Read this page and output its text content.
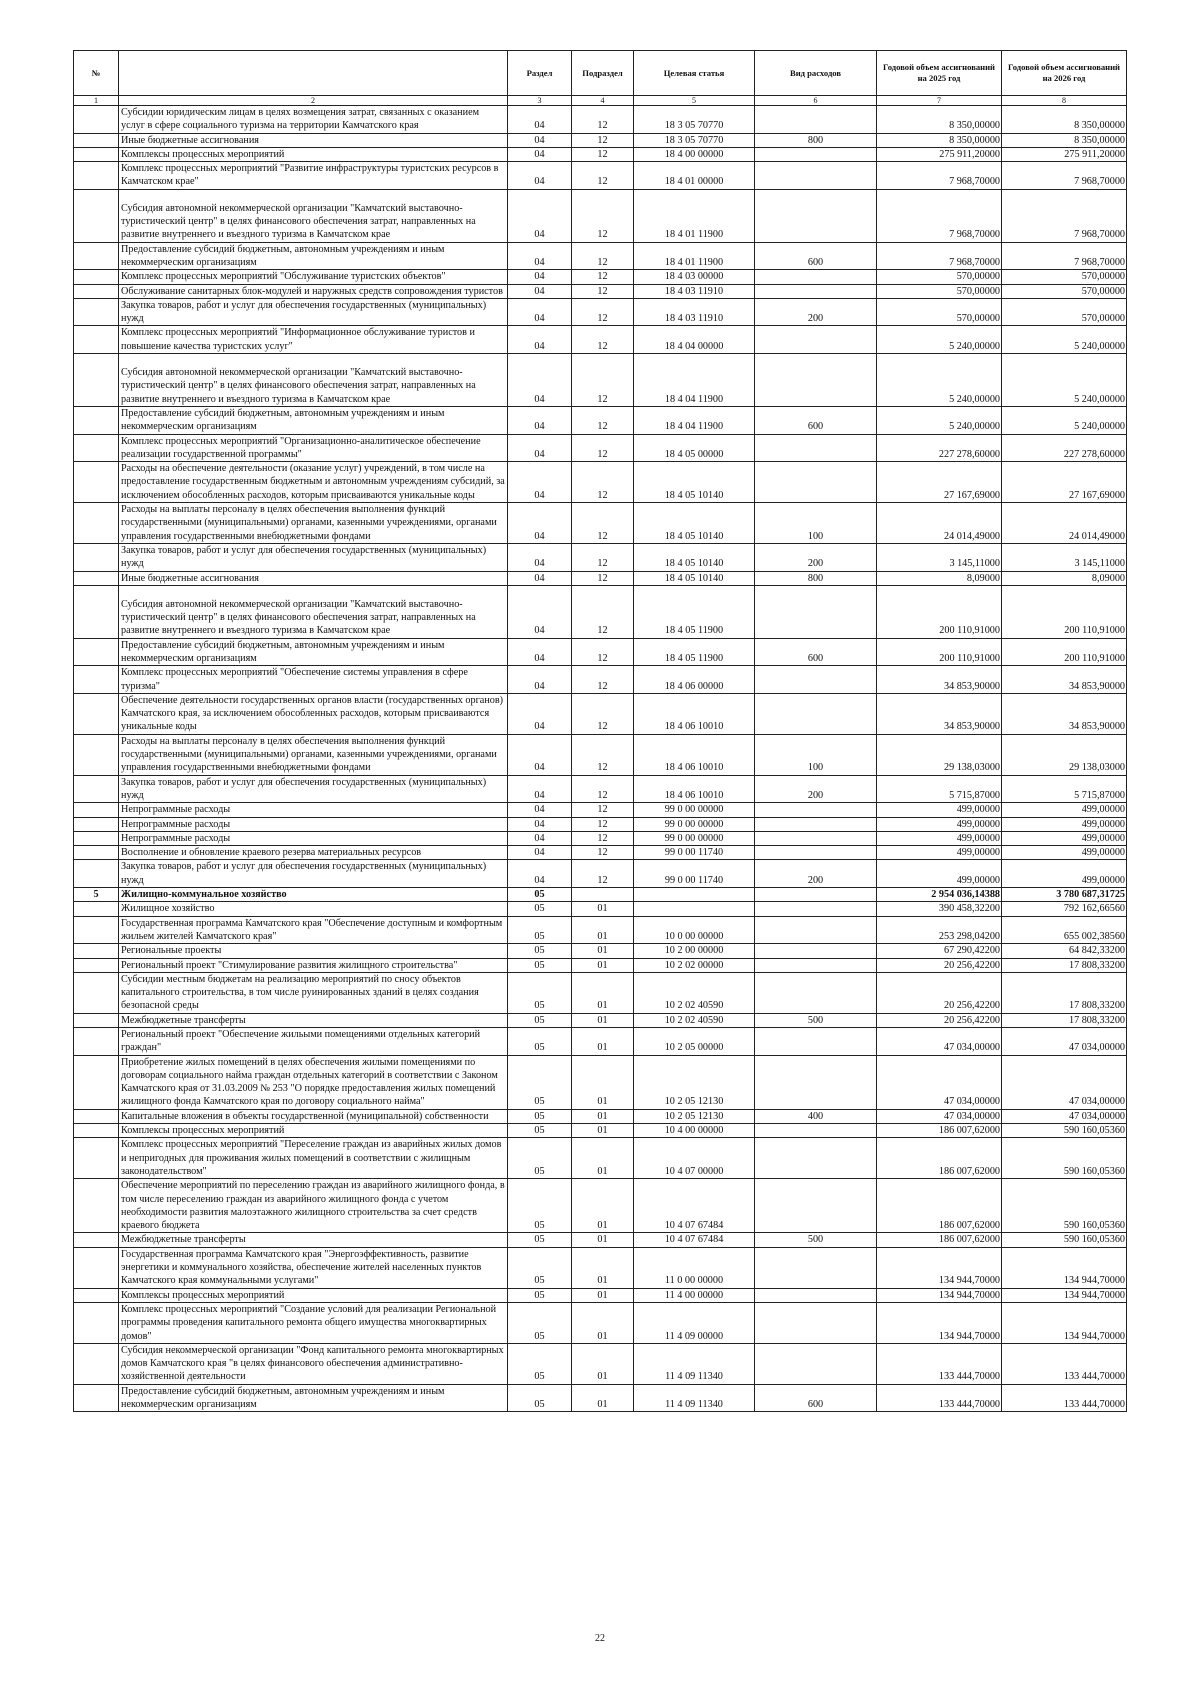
№		Раздел	Подраздел	Целевая статья	Вид расходов	Годовой объем ассигнований на 2025 год	Годовой объем ассигнований на 2026 год
1	2	3	4	5	6	7	8
	Субсидии юридическим лицам в целях возмещения затрат, связанных с оказанием услуг в сфере социального туризма на территории Камчатского края	04	12	18 3 05 70770		8 350,00000	8 350,00000
	Иные бюджетные ассигнования	04	12	18 3 05 70770	800	8 350,00000	8 350,00000
	Комплексы процессных мероприятий	04	12	18 4 00 00000		275 911,20000	275 911,20000
	Комплекс процессных мероприятий "Развитие инфраструктуры туристских ресурсов в Камчатском крае"	04	12	18 4 01 00000		7 968,70000	7 968,70000
	Субсидия автономной некоммерческой организации "Камчатский выставочно-туристический центр" в целях финансового обеспечения затрат, направленных на развитие внутреннего и въездного туризма в Камчатском крае	04	12	18 4 01 11900		7 968,70000	7 968,70000
	Предоставление субсидий бюджетным, автономным учреждениям и иным некоммерческим организациям	04	12	18 4 01 11900	600	7 968,70000	7 968,70000
	Комплекс процессных мероприятий "Обслуживание туристских объектов"	04	12	18 4 03 00000		570,00000	570,00000
	Обслуживание санитарных блок-модулей и наружных средств сопровождения туристов	04	12	18 4 03 11910		570,00000	570,00000
	Закупка товаров, работ и услуг для обеспечения государственных (муниципальных) нужд	04	12	18 4 03 11910	200	570,00000	570,00000
	Комплекс процессных мероприятий "Информационное обслуживание туристов и повышение качества туристских услуг"	04	12	18 4 04 00000		5 240,00000	5 240,00000
	Субсидия автономной некоммерческой организации "Камчатский выставочно-туристический центр" в целях финансового обеспечения затрат, направленных на развитие внутреннего и въездного туризма в Камчатском крае	04	12	18 4 04 11900		5 240,00000	5 240,00000
	Предоставление субсидий бюджетным, автономным учреждениям и иным некоммерческим организациям	04	12	18 4 04 11900	600	5 240,00000	5 240,00000
	Комплекс процессных мероприятий "Организационно-аналитическое обеспечение реализации государственной программы"	04	12	18 4 05 00000		227 278,60000	227 278,60000
	Расходы на обеспечение деятельности (оказание услуг) учреждений, в том числе на предоставление государственным бюджетным и автономным учреждениям субсидий, за исключением обособленных расходов, которым присваиваются уникальные коды	04	12	18 4 05 10140		27 167,69000	27 167,69000
	Расходы на выплаты персоналу в целях обеспечения выполнения функций государственными (муниципальными) органами, казенными учреждениями, органами управления государственными внебюджетными фондами	04	12	18 4 05 10140	100	24 014,49000	24 014,49000
	Закупка товаров, работ и услуг для обеспечения государственных (муниципальных) нужд	04	12	18 4 05 10140	200	3 145,11000	3 145,11000
	Иные бюджетные ассигнования	04	12	18 4 05 10140	800	8,09000	8,09000
	Субсидия автономной некоммерческой организации "Камчатский выставочно-туристический центр" в целях финансового обеспечения затрат, направленных на развитие внутреннего и въездного туризма в Камчатском крае	04	12	18 4 05 11900		200 110,91000	200 110,91000
	Предоставление субсидий бюджетным, автономным учреждениям и иным некоммерческим организациям	04	12	18 4 05 11900	600	200 110,91000	200 110,91000
	Комплекс процессных мероприятий "Обеспечение системы управления в сфере туризма"	04	12	18 4 06 00000		34 853,90000	34 853,90000
	Обеспечение деятельности государственных органов власти (государственных органов) Камчатского края, за исключением обособленных расходов, которым присваиваются уникальные коды	04	12	18 4 06 10010		34 853,90000	34 853,90000
	Расходы на выплаты персоналу в целях обеспечения выполнения функций государственными (муниципальными) органами, казенными учреждениями, органами управления государственными внебюджетными фондами	04	12	18 4 06 10010	100	29 138,03000	29 138,03000
	Закупка товаров, работ и услуг для обеспечения государственных (муниципальных) нужд	04	12	18 4 06 10010	200	5 715,87000	5 715,87000
	Непрограммные расходы	04	12	99 0 00 00000		499,00000	499,00000
	Непрограммные расходы	04	12	99 0 00 00000		499,00000	499,00000
	Непрограммные расходы	04	12	99 0 00 00000		499,00000	499,00000
	Восполнение и обновление краевого резерва материальных ресурсов	04	12	99 0 00 11740		499,00000	499,00000
	Закупка товаров, работ и услуг для обеспечения государственных (муниципальных) нужд	04	12	99 0 00 11740	200	499,00000	499,00000
5	Жилищно-коммунальное хозяйство	05				2 954 036,14388	3 780 687,31725
	Жилищное хозяйство	05	01			390 458,32200	792 162,66560
	Государственная программа Камчатского края "Обеспечение доступным и комфортным жильем жителей Камчатского края"	05	01	10 0 00 00000		253 298,04200	655 002,38560
	Региональные проекты	05	01	10 2 00 00000		67 290,42200	64 842,33200
	Региональный проект "Стимулирование развития жилищного строительства"	05	01	10 2 02 00000		20 256,42200	17 808,33200
	Субсидии местным бюджетам на реализацию мероприятий по сносу объектов капитального строительства, в том числе руинированных зданий в целях создания безопасной среды	05	01	10 2 02 40590		20 256,42200	17 808,33200
	Межбюджетные трансферты	05	01	10 2 02 40590	500	20 256,42200	17 808,33200
	Региональный проект "Обеспечение жильыми помещениями отдельных категорий граждан"	05	01	10 2 05 00000		47 034,00000	47 034,00000
	Приобретение жилых помещений в целях обеспечения жилыми помещениями по договорам социального найма граждан отдельных категорий в соответствии с Законом Камчатского края от 31.03.2009 № 253 "О порядке предоставления жилых помещений жилищного фонда Камчатского края по договору социального найма"	05	01	10 2 05 12130		47 034,00000	47 034,00000
	Капитальные вложения в объекты государственной (муниципальной) собственности	05	01	10 2 05 12130	400	47 034,00000	47 034,00000
	Комплексы процессных мероприятий	05	01	10 4 00 00000		186 007,62000	590 160,05360
	Комплекс процессных мероприятий "Переселение граждан из аварийных жилых домов и непригодных для проживания жилых помещений в соответствии с жилищным законодательством"	05	01	10 4 07 00000		186 007,62000	590 160,05360
	Обеспечение мероприятий по переселению граждан из аварийного жилищного фонда, в том числе переселению граждан из аварийного жилищного фонда с учетом необходимости развития малоэтажного жилищного строительства за счет средств краевого бюджета	05	01	10 4 07 67484		186 007,62000	590 160,05360
	Межбюджетные трансферты	05	01	10 4 07 67484	500	186 007,62000	590 160,05360
	Государственная программа Камчатского края "Энергоэффективность, развитие энергетики и коммунального хозяйства, обеспечение жителей населенных пунктов Камчатского края коммунальными услугами"	05	01	11 0 00 00000		134 944,70000	134 944,70000
	Комплексы процессных мероприятий	05	01	11 4 00 00000		134 944,70000	134 944,70000
	Комплекс процессных мероприятий "Создание условий для реализации Региональной программы проведения капитального ремонта общего имущества многоквартирных домов"	05	01	11 4 09 00000		134 944,70000	134 944,70000
	Субсидия некоммерческой организации "Фонд капитального ремонта многоквартирных домов Камчатского края "в целях финансового обеспечения административно-хозяйственной деятельности	05	01	11 4 09 11340		133 444,70000	133 444,70000
	Предоставление субсидий бюджетным, автономным учреждениям и иным некоммерческим организациям	05	01	11 4 09 11340	600	133 444,70000	133 444,70000
22
